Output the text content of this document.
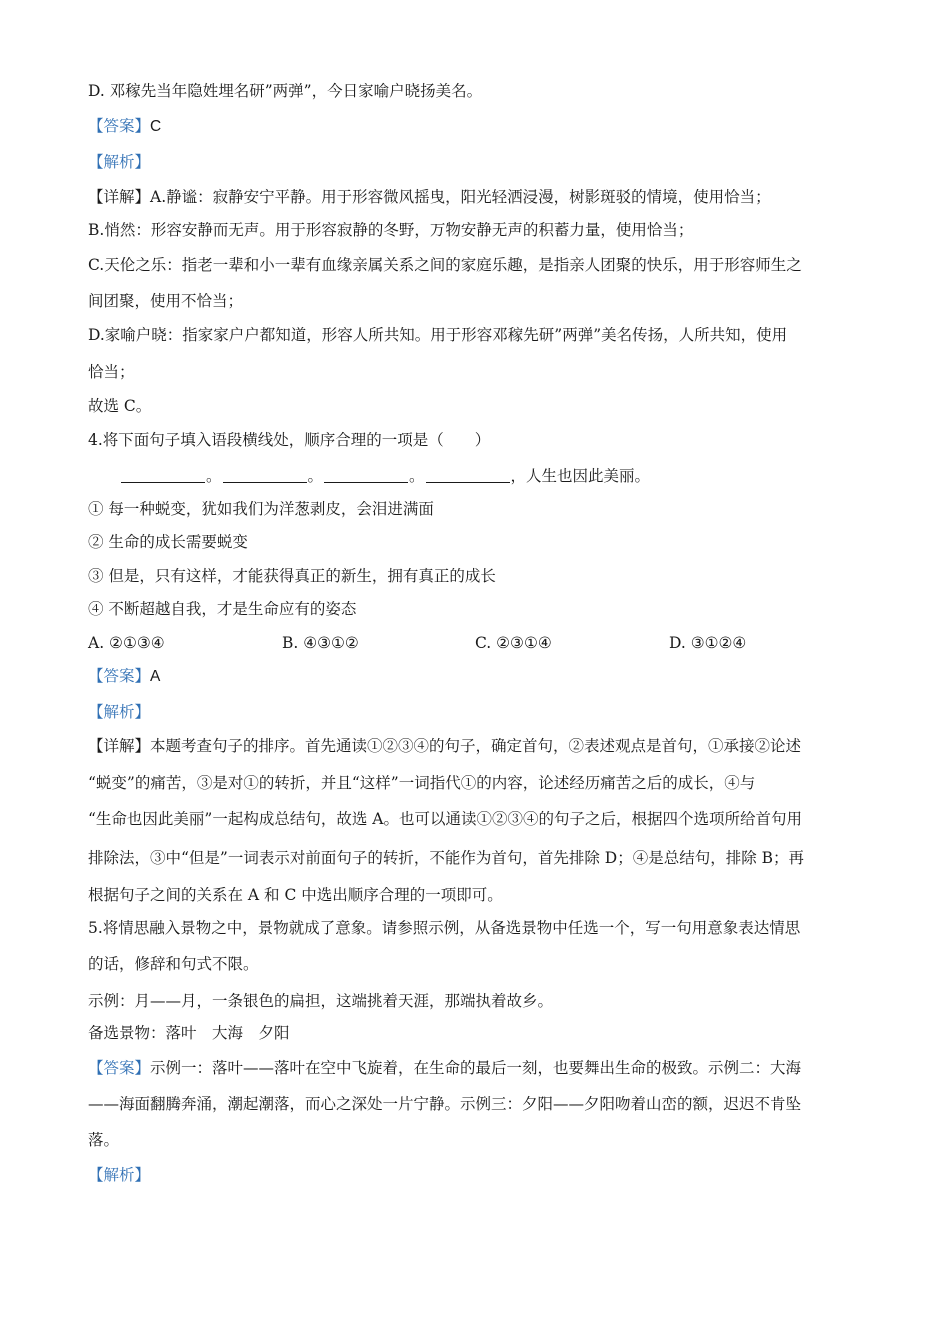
D. 邓稼先当年隐姓埋名研”两弹”，今日家喻户晓扬美名。
【答案】C
【解析】
【详解】A.静谧：寂静安宁平静。用于形容微风摇曳，阳光轻洒浸漫，树影斑驳的情境，使用恰当；
B.悄然：形容安静而无声。用于形容寂静的冬野，万物安静无声的积蓄力量，使用恰当；
C.天伦之乐：指老一辈和小一辈有血缘亲属关系之间的家庭乐趣，是指亲人团聚的快乐，用于形容师生之
间团聚，使用不恰当；
D.家喻户晓：指家家户户都知道，形容人所共知。用于形容邓稼先研”两弹”美名传扬，人所共知，使用
恰当；
故选 C。
4.将下面句子填入语段横线处，顺序合理的一项是（　　）
。	。	。	，人生也因此美丽。
① 每一种蜕变，犹如我们为洋葱剥皮，会泪进满面
② 生命的成长需要蜕变
③ 但是，只有这样，才能获得真正的新生，拥有真正的成长
④ 不断超越自我，才是生命应有的姿态
A. ②①③④	B. ④③①②	C. ②③①④	D. ③①②④
【答案】A
【解析】
【详解】本题考查句子的排序。首先通读①②③④的句子，确定首句，②表述观点是首句，①承接②论述
“蜕变”的痛苦，③是对①的转折，并且“这样”一词指代①的内容，论述经历痛苦之后的成长，④与
“生命也因此美丽”一起构成总结句，故选 A。也可以通读①②③④的句子之后，根据四个选项所给首句用
排除法，③中“但是”一词表示对前面句子的转折，不能作为首句，首先排除 D；④是总结句，排除 B；再
根据句子之间的关系在 A 和 C 中选出顺序合理的一项即可。
5.将情思融入景物之中，景物就成了意象。请参照示例，从备选景物中任选一个，写一句用意象表达情思
的话，修辞和句式不限。
示例：月——月，一条银色的扁担，这端挑着天涯，那端执着故乡。
备选景物：落叶　大海　夕阳
【答案】示例一：落叶——落叶在空中飞旋着，在生命的最后一刻，也要舞出生命的极致。示例二：大海
——海面翻腾奔涌，潮起潮落，而心之深处一片宁静。示例三：夕阳——夕阳吻着山峦的额，迟迟不肯坠
落。
【解析】
